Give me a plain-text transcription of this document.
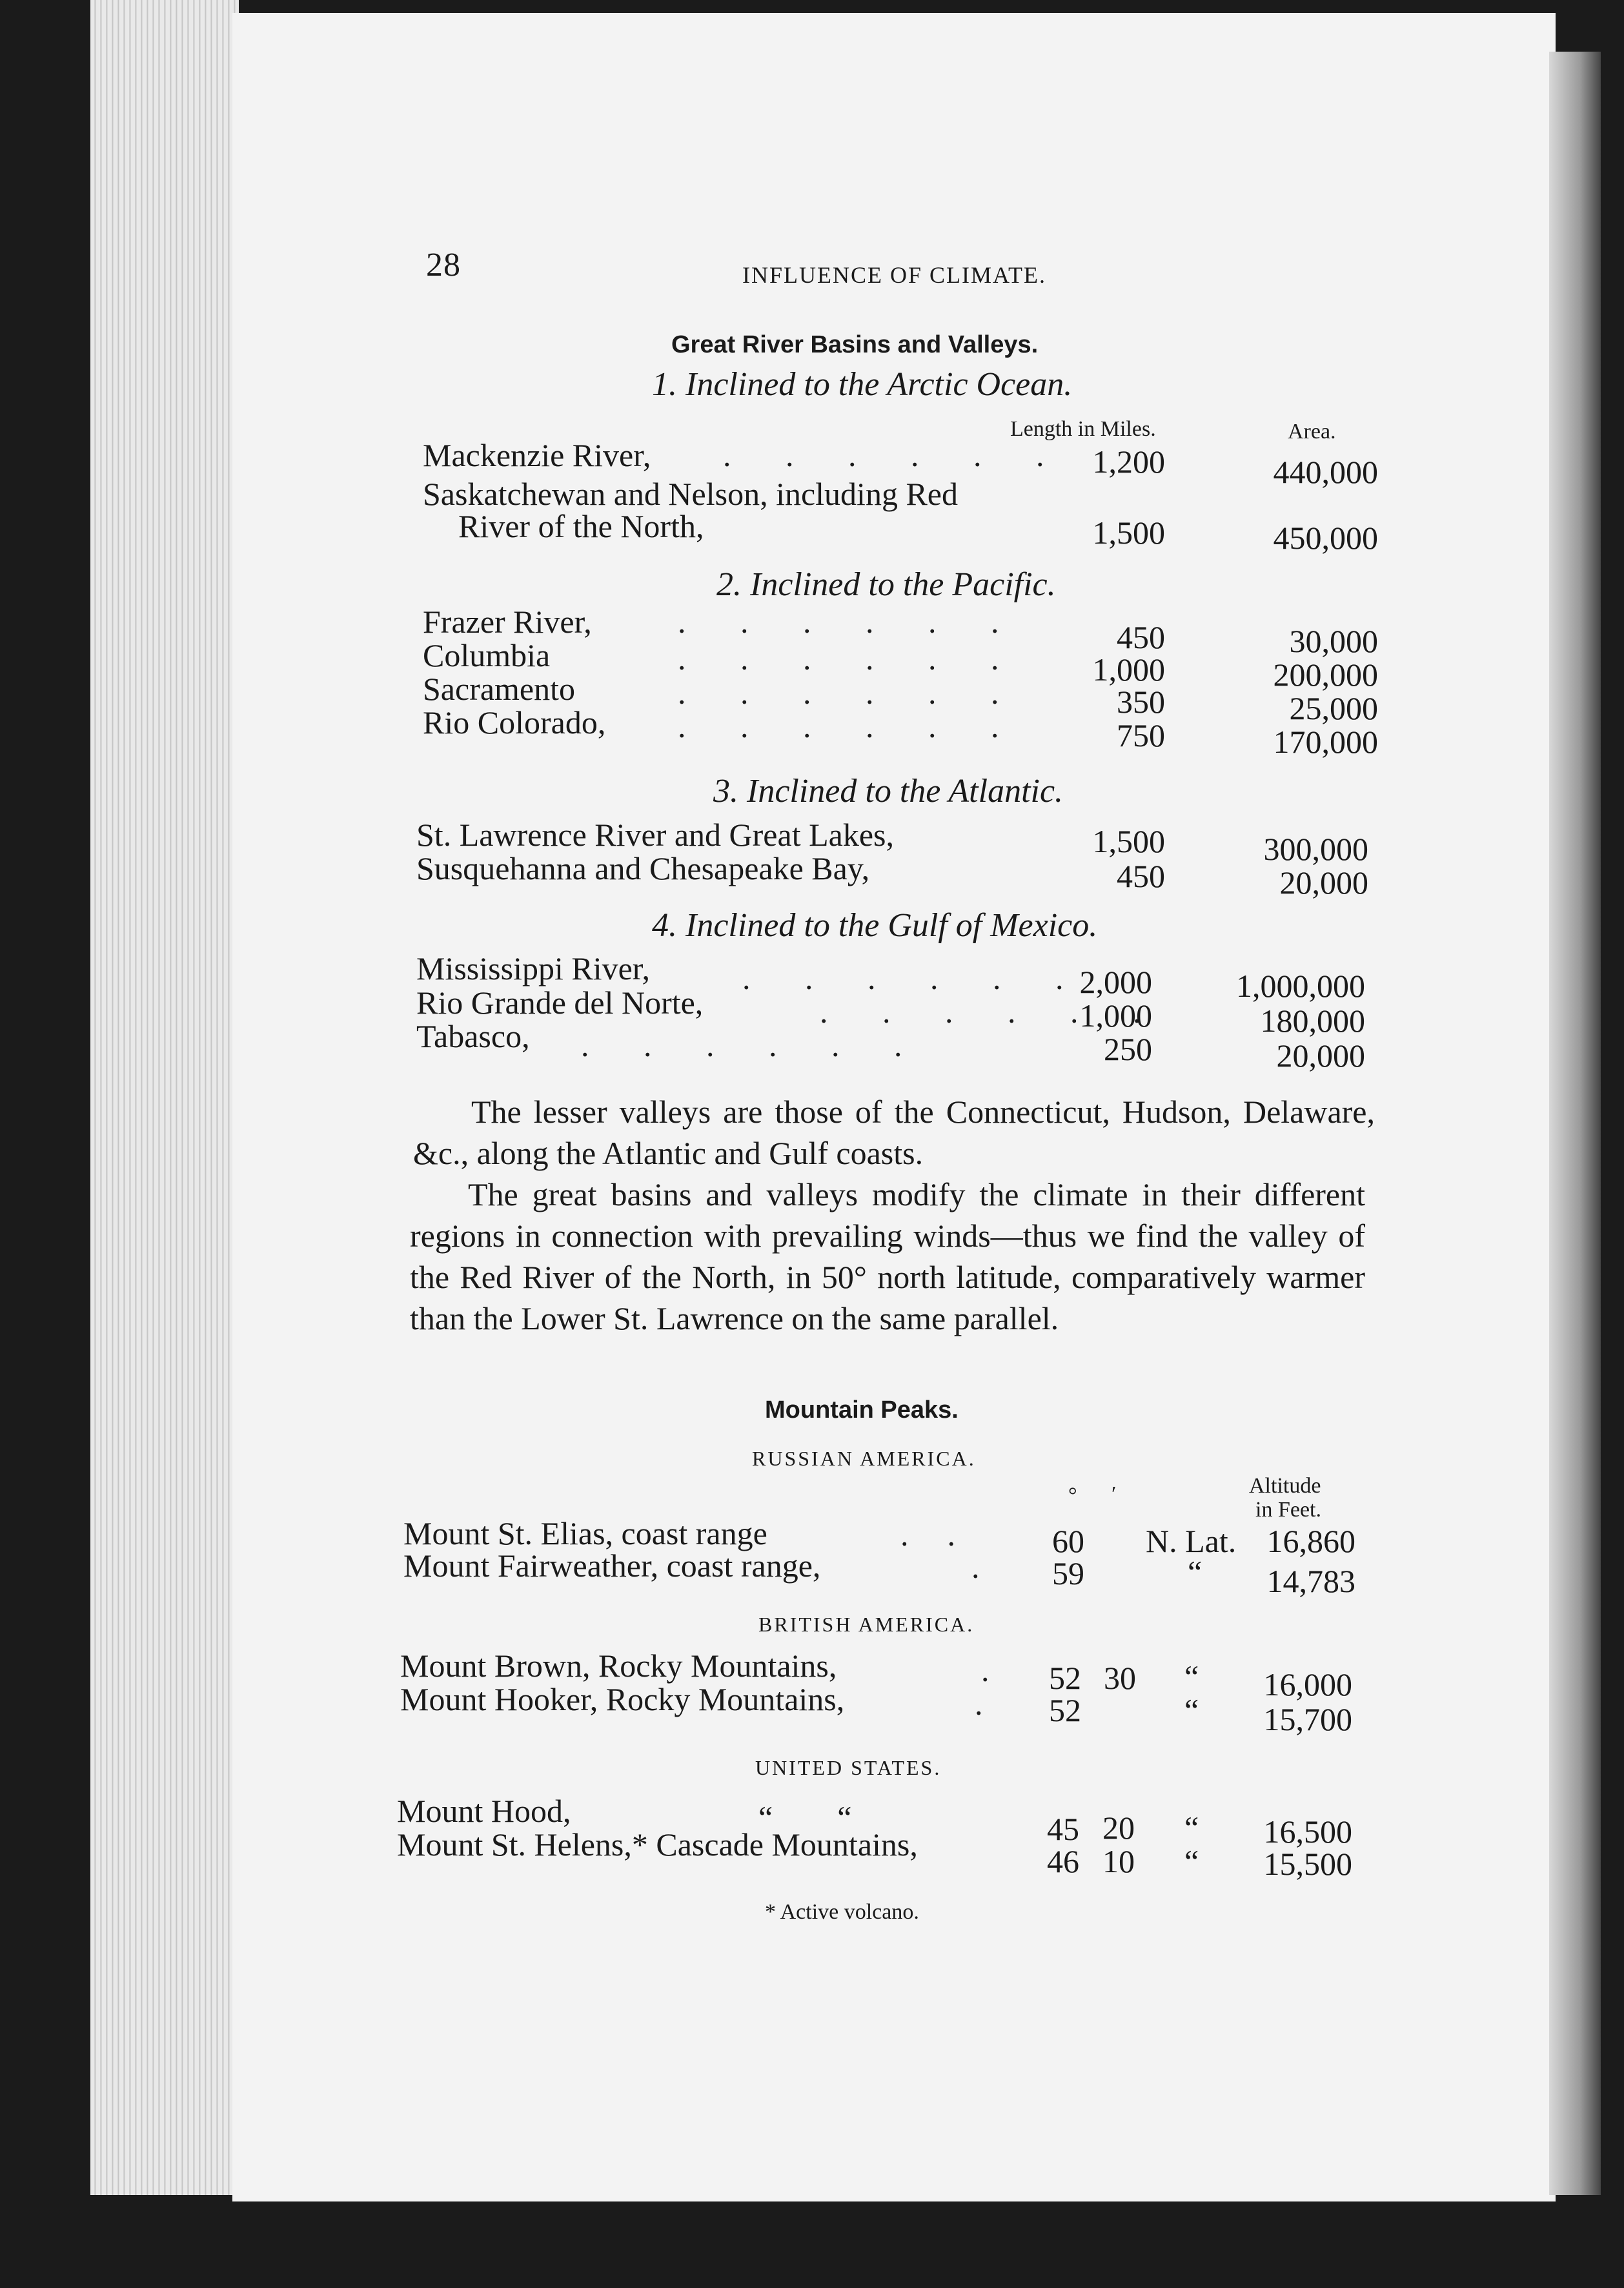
28	INFLUENCE OF CLIMATE.
Great River Basins and Valleys.
1. Inclined to the Arctic Ocean.
Length in Miles.	Area.
Mackenzie River, . . .	1,200	440,000
Saskatchewan and Nelson, including Red
River of the North,	1,500	450,000
2. Inclined to the Pacific.
Frazer River, . . .	450	30,000
Columbia . . .	1,000	200,000
Sacramento . . .	350	25,000
Rio Colorado, . . .	750	170,000
3. Inclined to the Atlantic.
St. Lawrence River and Great Lakes,	1,500	300,000
Susquehanna and Chesapeake Bay,	450	20,000
4. Inclined to the Gulf of Mexico.
Mississippi River, . . .	2,000	1,000,000
Rio Grande del Norte, . . .	1,000	180,000
Tabasco, . . .	250	20,000
The lesser valleys are those of the Connecticut, Hudson, Delaware, &c., along the Atlantic and Gulf coasts.
The great basins and valleys modify the climate in their different regions in connection with prevailing winds—thus we find the valley of the Red River of the North, in 50° north latitude, comparatively warmer than the Lower St. Lawrence on the same parallel.
Mountain Peaks.
RUSSIAN AMERICA.
° ′	Altitude
in Feet.
Mount St. Elias, coast range	.. 60 N. Lat. 16,860
Mount Fairweather, coast range,	. 59	“	14,783
BRITISH AMERICA.
Mount Brown, Rocky Mountains,	. 52 30 “	16,000
Mount Hooker, Rocky Mountains,	. 52	“	15,700
UNITED STATES.
Mount Hood,	“        “	45 20 “	16,500
Mount St. Helens,* Cascade Mountains,	46 10 “	15,500
* Active volcano.
